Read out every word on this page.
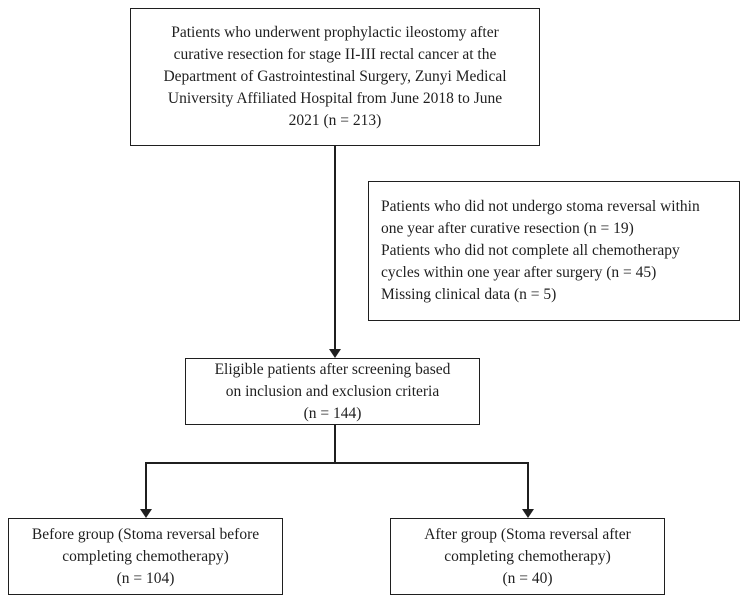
Patients who underwent prophylactic ileostomy after
curative resection for stage II-III rectal cancer at the
Department of Gastrointestinal Surgery, Zunyi Medical
University Affiliated Hospital from June 2018 to June
2021 (n = 213)
Patients who did not undergo stoma reversal within
one year after curative resection (n = 19)
Patients who did not complete all chemotherapy
cycles within one year after surgery (n = 45)
Missing clinical data (n = 5)
Eligible patients after screening based
on inclusion and exclusion criteria
(n = 144)
Before group (Stoma reversal before
completing chemotherapy)
(n = 104)
After group (Stoma reversal after
completing chemotherapy)
(n = 40)
